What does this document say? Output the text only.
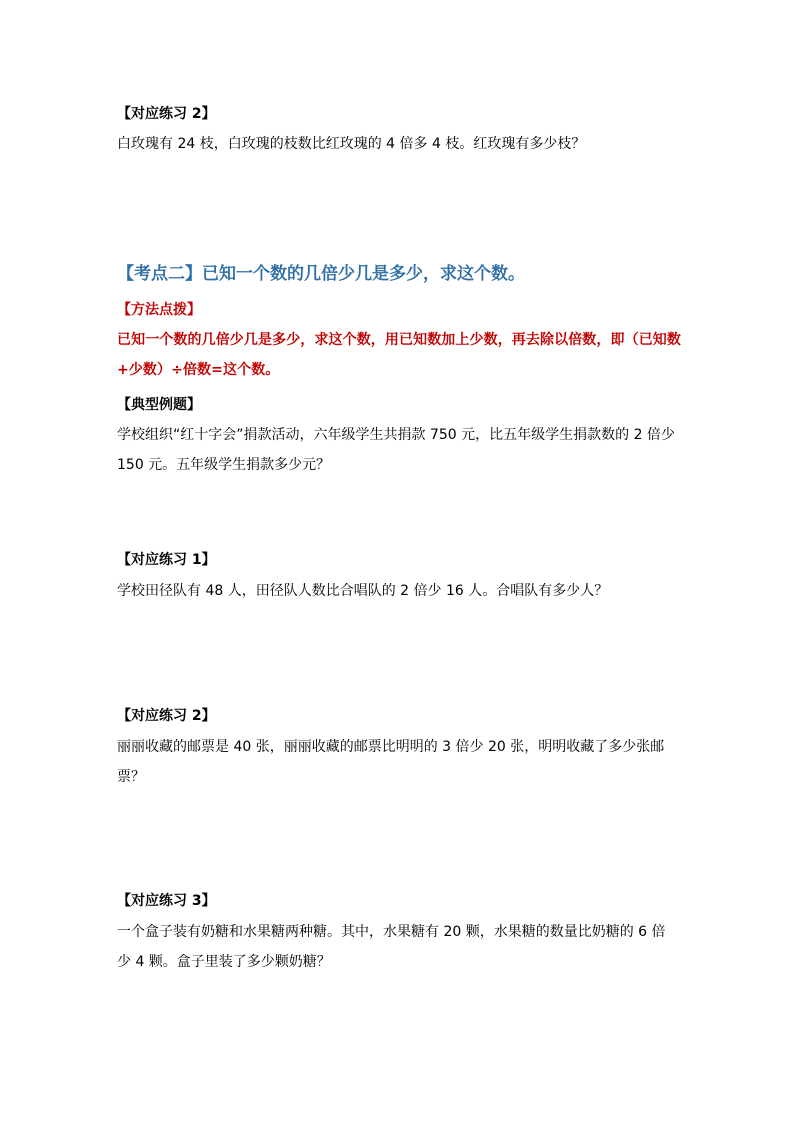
【对应练习 2】
白玫瑰有 24 枝，白玫瑰的枝数比红玫瑰的 4 倍多 4 枝。红玫瑰有多少枝？
【考点二】已知一个数的几倍少几是多少，求这个数。
【方法点拨】
已知一个数的几倍少几是多少，求这个数，用已知数加上少数，再去除以倍数，即（已知数+少数）÷倍数=这个数。
【典型例题】
学校组织“红十字会”捐款活动，六年级学生共捐款 750 元，比五年级学生捐款数的 2 倍少 150 元。五年级学生捐款多少元？
【对应练习 1】
学校田径队有 48 人，田径队人数比合唱队的 2 倍少 16 人。合唱队有多少人？
【对应练习 2】
丽丽收藏的邮票是 40 张，丽丽收藏的邮票比明明的 3 倍少 20 张，明明收藏了多少张邮票？
【对应练习 3】
一个盒子装有奶糖和水果糖两种糖。其中，水果糖有 20 颗，水果糖的数量比奶糖的 6 倍少 4 颗。盒子里装了多少颗奶糖？
